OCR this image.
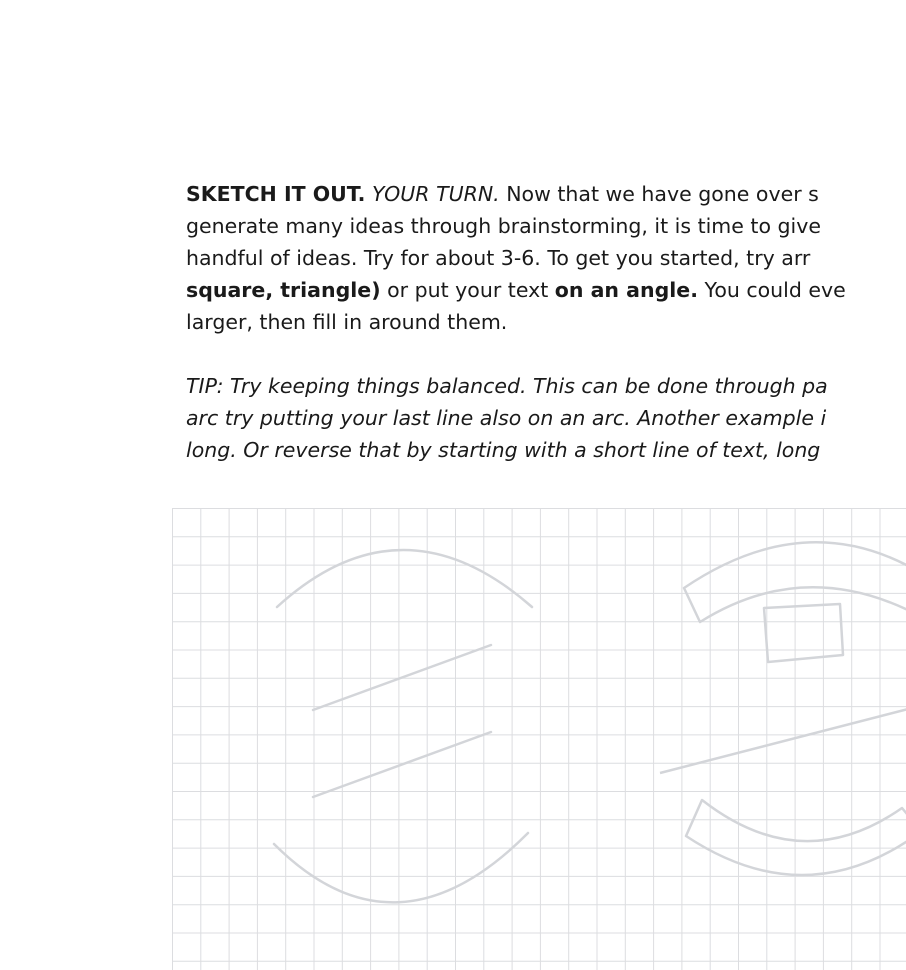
SKETCH IT OUT. YOUR TURN. Now that we have gone over s
generate many ideas through brainstorming, it is time to give
handful of ideas. Try for about 3-6. To get you started, try arr
square, triangle) or put your text on an angle. You could eve
larger, then fill in around them.
TIP: Try keeping things balanced. This can be done through pa
arc try putting your last line also on an arc. Another example i
long. Or reverse that by starting with a short line of text, long
